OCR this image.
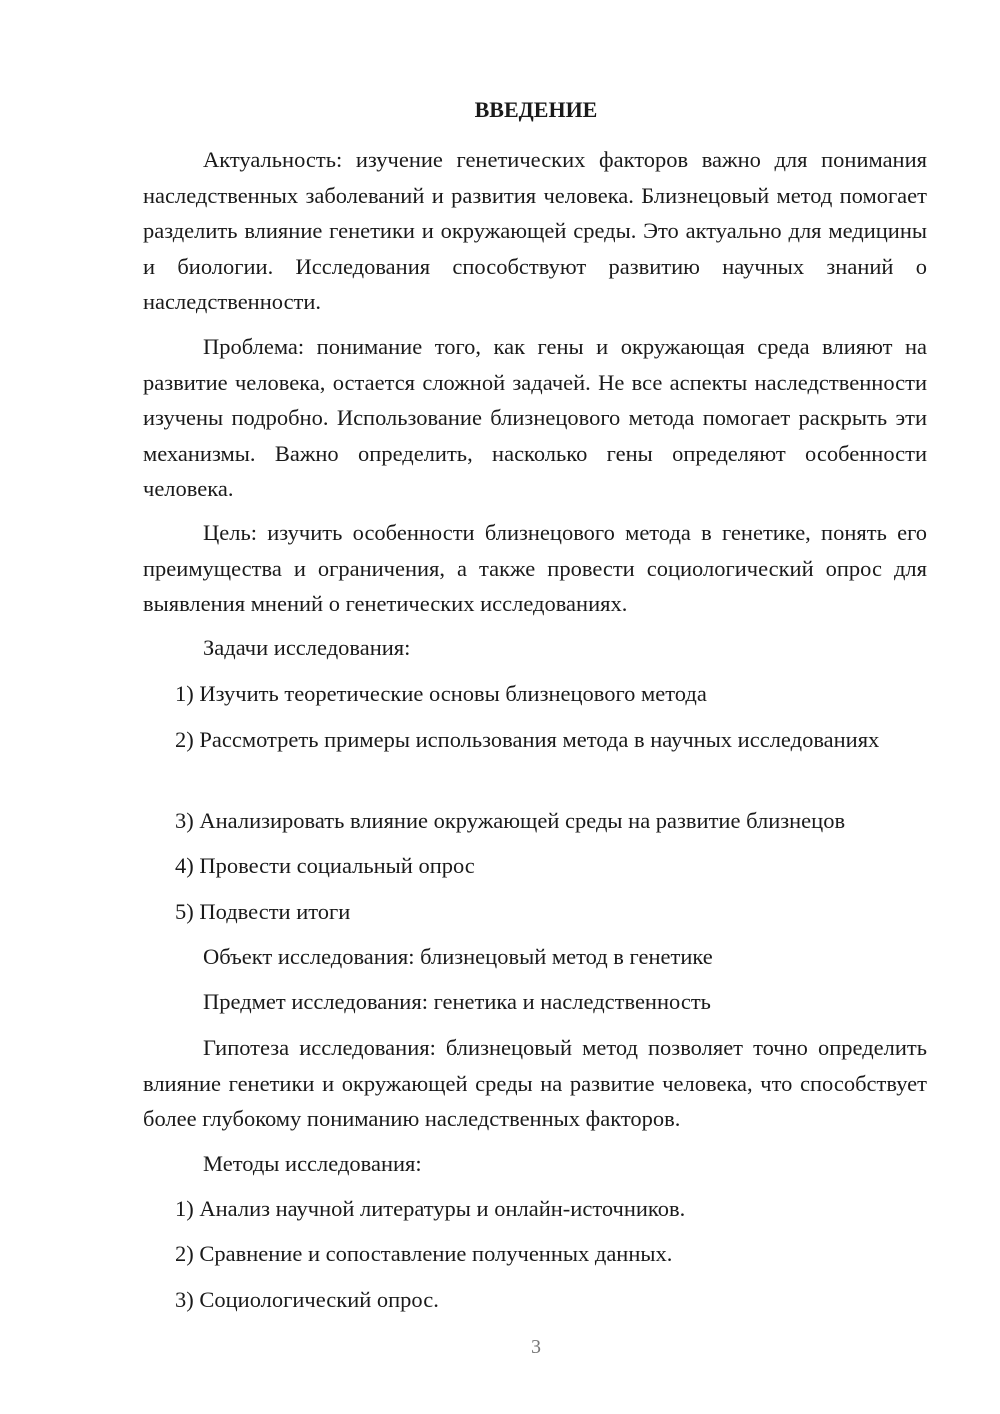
ВВЕДЕНИЕ

Актуальность: изучение генетических факторов важно для понимания наследственных заболеваний и развития человека. Близнецовый метод помогает разделить влияние генетики и окружающей среды. Это актуально для медицины и биологии. Исследования способствуют развитию научных знаний о наследственности.

Проблема: понимание того, как гены и окружающая среда влияют на развитие человека, остается сложной задачей. Не все аспекты наследственности изучены подробно. Использование близнецового метода помогает раскрыть эти механизмы. Важно определить, насколько гены определяют особенности человека.

Цель: изучить особенности близнецового метода в генетике, понять его преимущества и ограничения, а также провести социологический опрос для выявления мнений о генетических исследованиях.

Задачи исследования:

1) Изучить теоретические основы близнецового метода

2) Рассмотреть примеры использования метода в научных исследованиях

3) Анализировать влияние окружающей среды на развитие близнецов

4) Провести социальный опрос

5) Подвести итоги

Объект исследования: близнецовый метод в генетике

Предмет исследования: генетика и наследственность

Гипотеза исследования: близнецовый метод позволяет точно определить влияние генетики и окружающей среды на развитие человека, что способствует более глубокому пониманию наследственных факторов.

Методы исследования:

1) Анализ научной литературы и онлайн-источников.

2) Сравнение и сопоставление полученных данных.

3) Социологический опрос.

3
